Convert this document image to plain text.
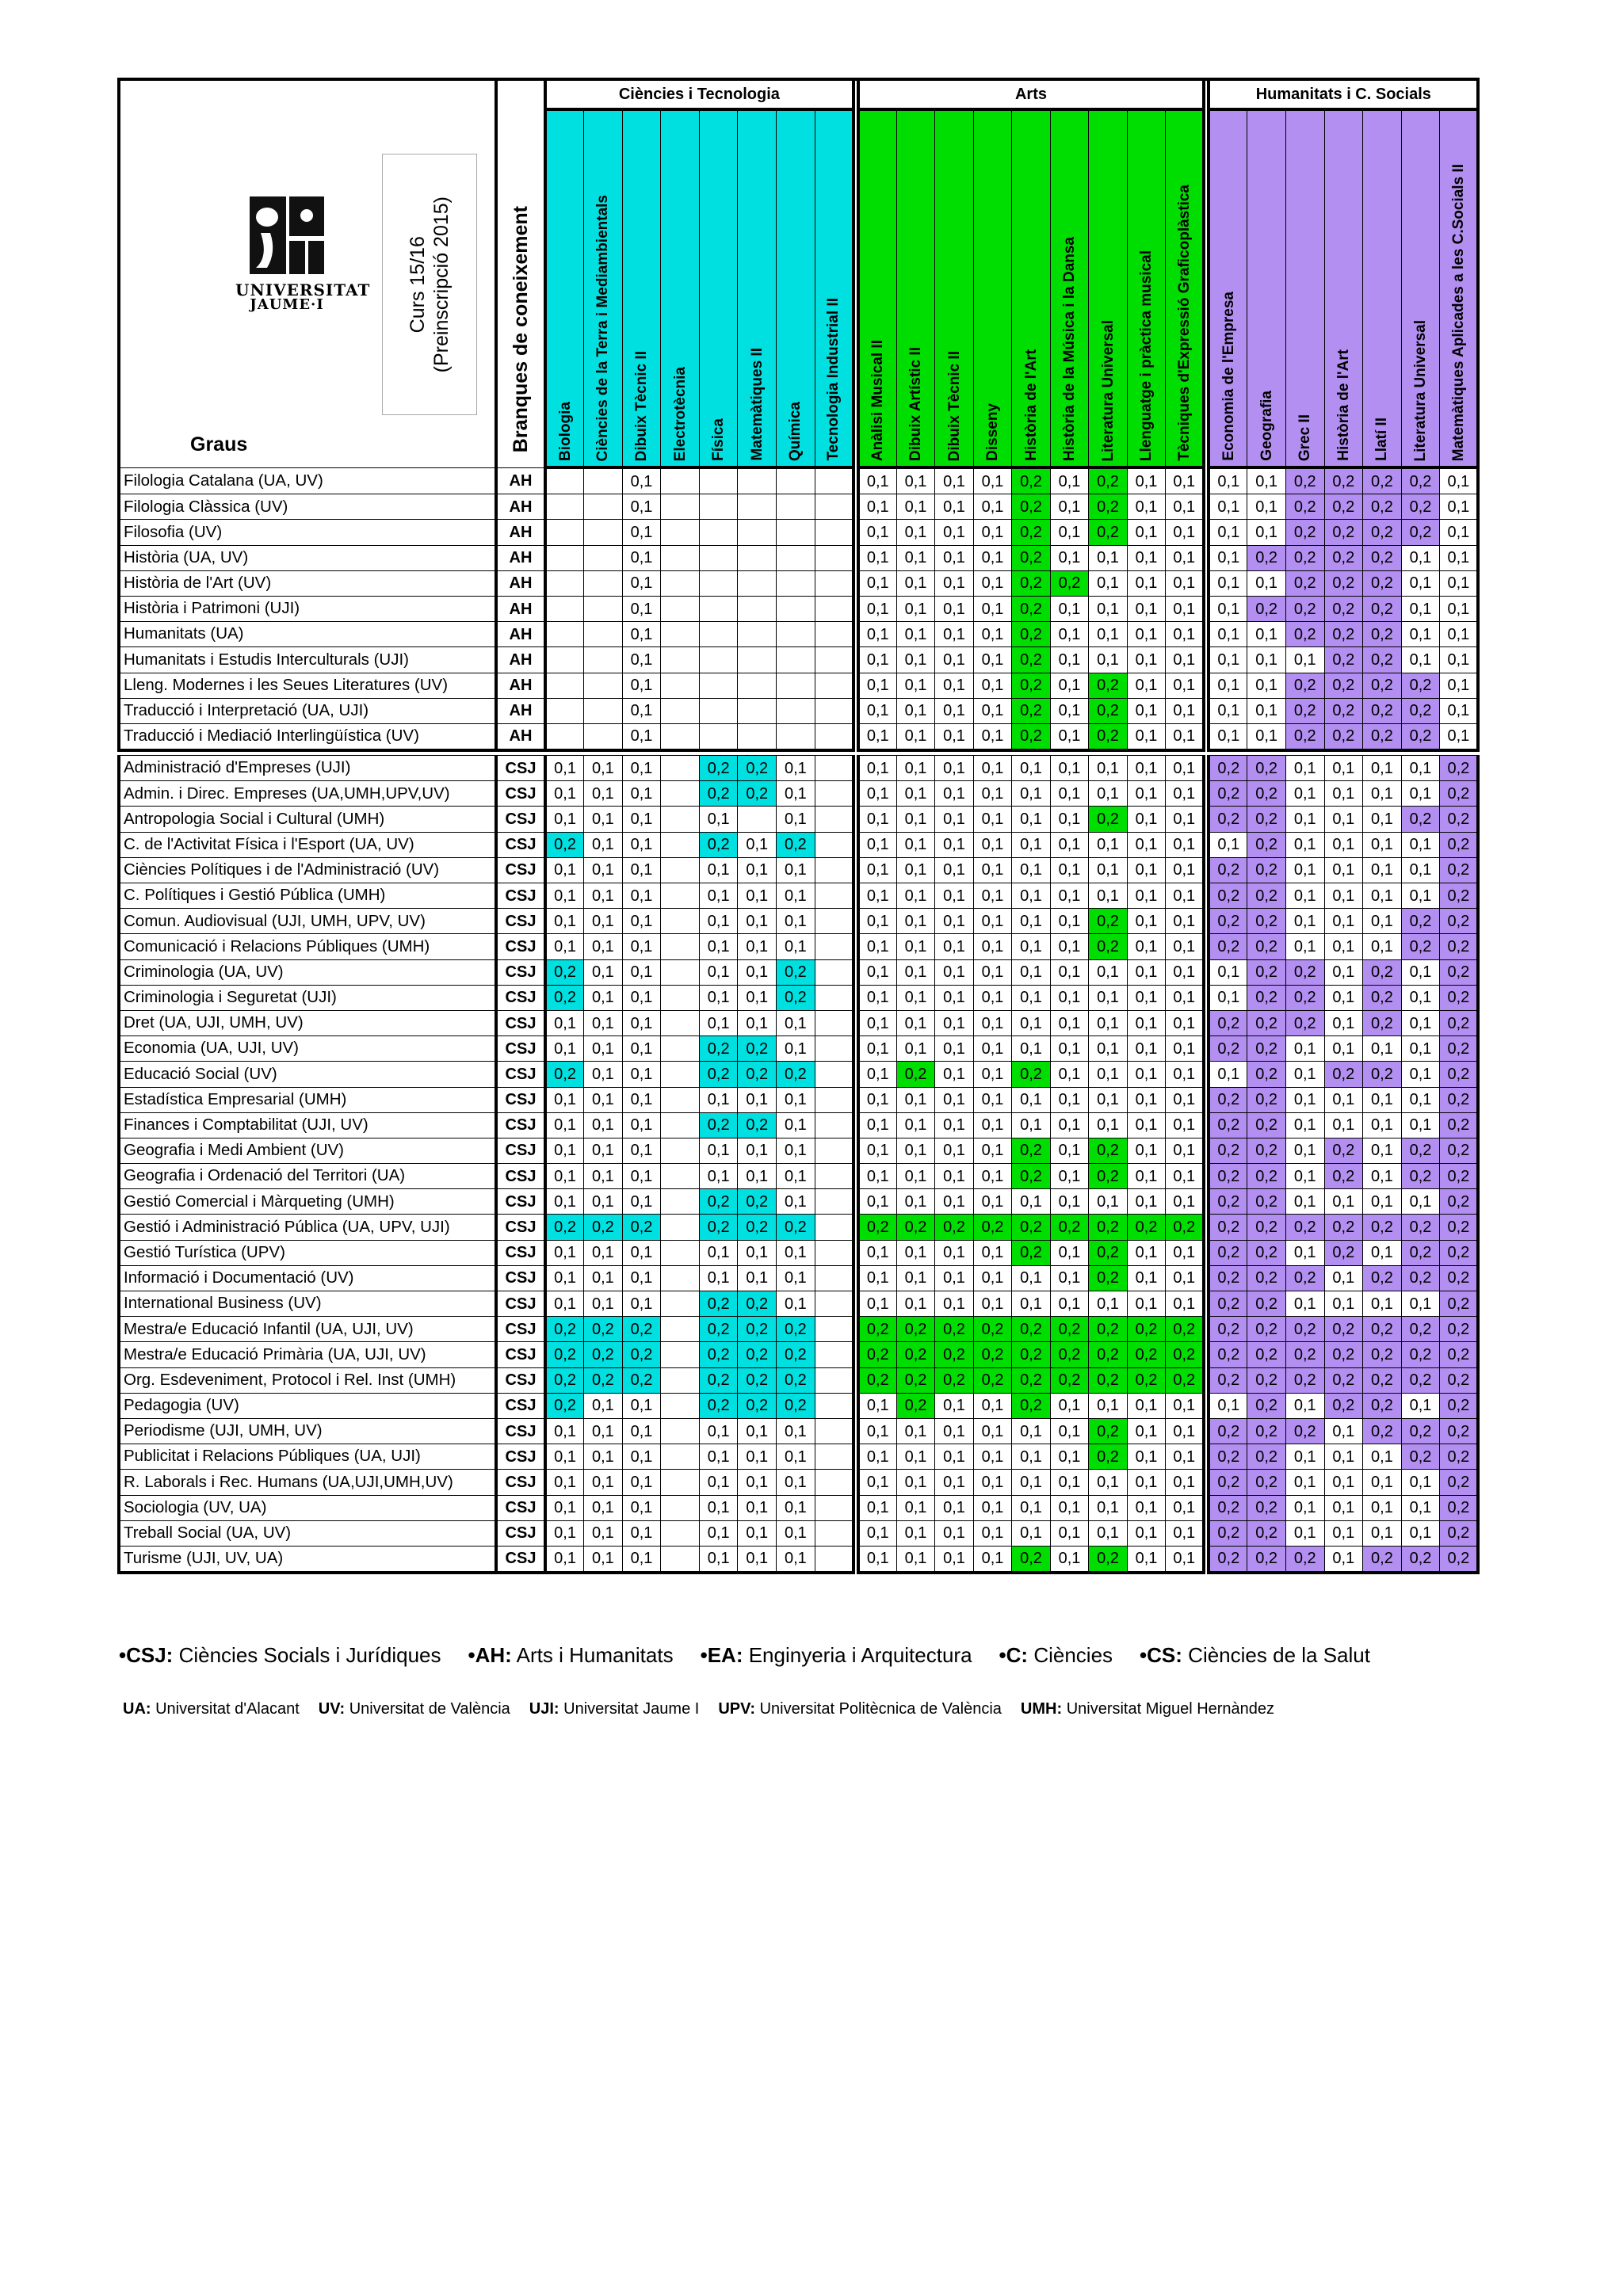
UNIVERSITAT
JAUME·I Curs 15/16
(Preinscripció 2015)
Graus	Branques de coneixement	Ciències i Tecnologia									Arts										Humanitats i C. Socials						
		Biologia	Ciències de la Terra i Mediambientals	Dibuix Tècnic II	Electrotècnia	Física	Matemàtiques II	Química	Tecnologia Industrial II		Anàlisi Musical II	Dibuix Artístic II	Dibuix Tècnic II	Disseny	Història de l'Art	Història de la Música i la Dansa	Literatura Universal	Llenguatge i pràctica musical	Tècniques d'Expressió Graficoplàstica		Economia de l'Empresa	Geografia	Grec II	Història de l'Art	Llatí II	Literatura Universal	Matemàtiques Aplicades a les C.Socials II
Filologia Catalana (UA, UV)	AH			0,1							0,1	0,1	0,1	0,1	0,2	0,1	0,2	0,1	0,1		0,1	0,1	0,2	0,2	0,2	0,2	0,1
Filologia Clàssica (UV)	AH			0,1							0,1	0,1	0,1	0,1	0,2	0,1	0,2	0,1	0,1		0,1	0,1	0,2	0,2	0,2	0,2	0,1
Filosofia (UV)	AH			0,1							0,1	0,1	0,1	0,1	0,2	0,1	0,2	0,1	0,1		0,1	0,1	0,2	0,2	0,2	0,2	0,1
Història (UA, UV)	AH			0,1							0,1	0,1	0,1	0,1	0,2	0,1	0,1	0,1	0,1		0,1	0,2	0,2	0,2	0,2	0,1	0,1
Història de l'Art (UV)	AH			0,1							0,1	0,1	0,1	0,1	0,2	0,2	0,1	0,1	0,1		0,1	0,1	0,2	0,2	0,2	0,1	0,1
Història i Patrimoni (UJI)	AH			0,1							0,1	0,1	0,1	0,1	0,2	0,1	0,1	0,1	0,1		0,1	0,2	0,2	0,2	0,2	0,1	0,1
Humanitats (UA)	AH			0,1							0,1	0,1	0,1	0,1	0,2	0,1	0,1	0,1	0,1		0,1	0,1	0,2	0,2	0,2	0,1	0,1
Humanitats i Estudis Interculturals (UJI)	AH			0,1							0,1	0,1	0,1	0,1	0,2	0,1	0,1	0,1	0,1		0,1	0,1	0,1	0,2	0,2	0,1	0,1
Lleng. Modernes i les Seues Literatures (UV)	AH			0,1							0,1	0,1	0,1	0,1	0,2	0,1	0,2	0,1	0,1		0,1	0,1	0,2	0,2	0,2	0,2	0,1
Traducció i Interpretació (UA, UJI)	AH			0,1							0,1	0,1	0,1	0,1	0,2	0,1	0,2	0,1	0,1		0,1	0,1	0,2	0,2	0,2	0,2	0,1
Traducció i Mediació Interlingüística (UV)	AH			0,1							0,1	0,1	0,1	0,1	0,2	0,1	0,2	0,1	0,1		0,1	0,1	0,2	0,2	0,2	0,2	0,1

Administració d'Empreses (UJI)	CSJ	0,1	0,1	0,1		0,2	0,2	0,1			0,1	0,1	0,1	0,1	0,1	0,1	0,1	0,1	0,1		0,2	0,2	0,1	0,1	0,1	0,1	0,2
Admin. i Direc. Empreses (UA,UMH,UPV,UV)	CSJ	0,1	0,1	0,1		0,2	0,2	0,1			0,1	0,1	0,1	0,1	0,1	0,1	0,1	0,1	0,1		0,2	0,2	0,1	0,1	0,1	0,1	0,2
Antropologia Social i Cultural (UMH)	CSJ	0,1	0,1	0,1		0,1		0,1			0,1	0,1	0,1	0,1	0,1	0,1	0,2	0,1	0,1		0,2	0,2	0,1	0,1	0,1	0,2	0,2
C. de l'Activitat Física i l'Esport (UA, UV)	CSJ	0,2	0,1	0,1		0,2	0,1	0,2			0,1	0,1	0,1	0,1	0,1	0,1	0,1	0,1	0,1		0,1	0,2	0,1	0,1	0,1	0,1	0,2
Ciències Polítiques i de l'Administració (UV)	CSJ	0,1	0,1	0,1		0,1	0,1	0,1			0,1	0,1	0,1	0,1	0,1	0,1	0,1	0,1	0,1		0,2	0,2	0,1	0,1	0,1	0,1	0,2
C. Polítiques i Gestió Pública (UMH)	CSJ	0,1	0,1	0,1		0,1	0,1	0,1			0,1	0,1	0,1	0,1	0,1	0,1	0,1	0,1	0,1		0,2	0,2	0,1	0,1	0,1	0,1	0,2
Comun. Audiovisual (UJI, UMH, UPV, UV)	CSJ	0,1	0,1	0,1		0,1	0,1	0,1			0,1	0,1	0,1	0,1	0,1	0,1	0,2	0,1	0,1		0,2	0,2	0,1	0,1	0,1	0,2	0,2
Comunicació i Relacions Públiques (UMH)	CSJ	0,1	0,1	0,1		0,1	0,1	0,1			0,1	0,1	0,1	0,1	0,1	0,1	0,2	0,1	0,1		0,2	0,2	0,1	0,1	0,1	0,2	0,2
Criminologia (UA, UV)	CSJ	0,2	0,1	0,1		0,1	0,1	0,2			0,1	0,1	0,1	0,1	0,1	0,1	0,1	0,1	0,1		0,1	0,2	0,2	0,1	0,2	0,1	0,2
Criminologia i Seguretat (UJI)	CSJ	0,2	0,1	0,1		0,1	0,1	0,2			0,1	0,1	0,1	0,1	0,1	0,1	0,1	0,1	0,1		0,1	0,2	0,2	0,1	0,2	0,1	0,2
Dret (UA, UJI, UMH, UV)	CSJ	0,1	0,1	0,1		0,1	0,1	0,1			0,1	0,1	0,1	0,1	0,1	0,1	0,1	0,1	0,1		0,2	0,2	0,2	0,1	0,2	0,1	0,2
Economia (UA, UJI, UV)	CSJ	0,1	0,1	0,1		0,2	0,2	0,1			0,1	0,1	0,1	0,1	0,1	0,1	0,1	0,1	0,1		0,2	0,2	0,1	0,1	0,1	0,1	0,2
Educació Social (UV)	CSJ	0,2	0,1	0,1		0,2	0,2	0,2			0,1	0,2	0,1	0,1	0,2	0,1	0,1	0,1	0,1		0,1	0,2	0,1	0,2	0,2	0,1	0,2
Estadística Empresarial (UMH)	CSJ	0,1	0,1	0,1		0,1	0,1	0,1			0,1	0,1	0,1	0,1	0,1	0,1	0,1	0,1	0,1		0,2	0,2	0,1	0,1	0,1	0,1	0,2
Finances i Comptabilitat (UJI, UV)	CSJ	0,1	0,1	0,1		0,2	0,2	0,1			0,1	0,1	0,1	0,1	0,1	0,1	0,1	0,1	0,1		0,2	0,2	0,1	0,1	0,1	0,1	0,2
Geografia i Medi Ambient (UV)	CSJ	0,1	0,1	0,1		0,1	0,1	0,1			0,1	0,1	0,1	0,1	0,2	0,1	0,2	0,1	0,1		0,2	0,2	0,1	0,2	0,1	0,2	0,2
Geografia i Ordenació del Territori (UA)	CSJ	0,1	0,1	0,1		0,1	0,1	0,1			0,1	0,1	0,1	0,1	0,2	0,1	0,2	0,1	0,1		0,2	0,2	0,1	0,2	0,1	0,2	0,2
Gestió Comercial i Màrqueting (UMH)	CSJ	0,1	0,1	0,1		0,2	0,2	0,1			0,1	0,1	0,1	0,1	0,1	0,1	0,1	0,1	0,1		0,2	0,2	0,1	0,1	0,1	0,1	0,2
Gestió i Administració Pública (UA, UPV, UJI)	CSJ	0,2	0,2	0,2		0,2	0,2	0,2			0,2	0,2	0,2	0,2	0,2	0,2	0,2	0,2	0,2		0,2	0,2	0,2	0,2	0,2	0,2	0,2
Gestió Turística (UPV)	CSJ	0,1	0,1	0,1		0,1	0,1	0,1			0,1	0,1	0,1	0,1	0,2	0,1	0,2	0,1	0,1		0,2	0,2	0,1	0,2	0,1	0,2	0,2
Informació i Documentació (UV)	CSJ	0,1	0,1	0,1		0,1	0,1	0,1			0,1	0,1	0,1	0,1	0,1	0,1	0,2	0,1	0,1		0,2	0,2	0,2	0,1	0,2	0,2	0,2
International Business (UV)	CSJ	0,1	0,1	0,1		0,2	0,2	0,1			0,1	0,1	0,1	0,1	0,1	0,1	0,1	0,1	0,1		0,2	0,2	0,1	0,1	0,1	0,1	0,2
Mestra/e Educació Infantil (UA, UJI, UV)	CSJ	0,2	0,2	0,2		0,2	0,2	0,2			0,2	0,2	0,2	0,2	0,2	0,2	0,2	0,2	0,2		0,2	0,2	0,2	0,2	0,2	0,2	0,2
Mestra/e Educació Primària (UA, UJI, UV)	CSJ	0,2	0,2	0,2		0,2	0,2	0,2			0,2	0,2	0,2	0,2	0,2	0,2	0,2	0,2	0,2		0,2	0,2	0,2	0,2	0,2	0,2	0,2
Org. Esdeveniment, Protocol i Rel. Inst (UMH)	CSJ	0,2	0,2	0,2		0,2	0,2	0,2			0,2	0,2	0,2	0,2	0,2	0,2	0,2	0,2	0,2		0,2	0,2	0,2	0,2	0,2	0,2	0,2
Pedagogia (UV)	CSJ	0,2	0,1	0,1		0,2	0,2	0,2			0,1	0,2	0,1	0,1	0,2	0,1	0,1	0,1	0,1		0,1	0,2	0,1	0,2	0,2	0,1	0,2
Periodisme (UJI, UMH, UV)	CSJ	0,1	0,1	0,1		0,1	0,1	0,1			0,1	0,1	0,1	0,1	0,1	0,1	0,2	0,1	0,1		0,2	0,2	0,2	0,1	0,2	0,2	0,2
Publicitat i Relacions Públiques (UA, UJI)	CSJ	0,1	0,1	0,1		0,1	0,1	0,1			0,1	0,1	0,1	0,1	0,1	0,1	0,2	0,1	0,1		0,2	0,2	0,1	0,1	0,1	0,2	0,2
R. Laborals i Rec. Humans (UA,UJI,UMH,UV)	CSJ	0,1	0,1	0,1		0,1	0,1	0,1			0,1	0,1	0,1	0,1	0,1	0,1	0,1	0,1	0,1		0,2	0,2	0,1	0,1	0,1	0,1	0,2
Sociologia (UV, UA)	CSJ	0,1	0,1	0,1		0,1	0,1	0,1			0,1	0,1	0,1	0,1	0,1	0,1	0,1	0,1	0,1		0,2	0,2	0,1	0,1	0,1	0,1	0,2
Treball Social (UA, UV)	CSJ	0,1	0,1	0,1		0,1	0,1	0,1			0,1	0,1	0,1	0,1	0,1	0,1	0,1	0,1	0,1		0,2	0,2	0,1	0,1	0,1	0,1	0,2
Turisme (UJI, UV, UA)	CSJ	0,1	0,1	0,1		0,1	0,1	0,1			0,1	0,1	0,1	0,1	0,2	0,1	0,2	0,1	0,1		0,2	0,2	0,2	0,1	0,2	0,2	0,2
•CSJ: Ciències Socials i Jurídiques •AH: Arts i Humanitats •EA: Enginyeria i Arquitectura •C: Ciències •CS: Ciències de la Salut
UA: Universitat d'Alacant UV: Universitat de València UJI: Universitat Jaume I UPV: Universitat Politècnica de València UMH: Universitat Miguel Hernàndez
